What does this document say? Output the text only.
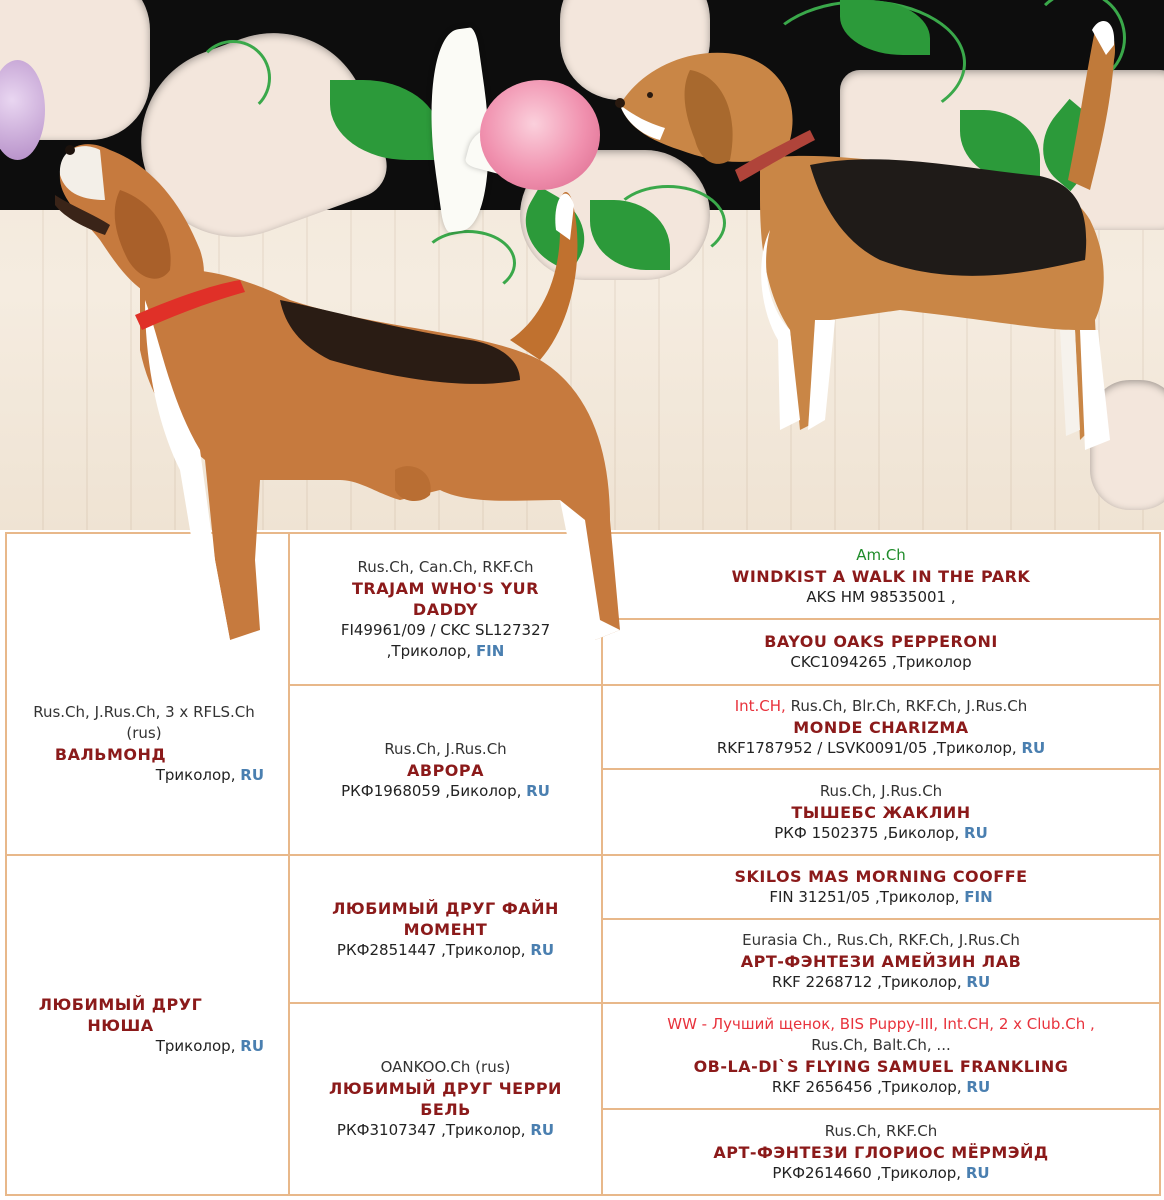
Rus.Ch, J.Rus.Ch, 3 x RFLS.Ch (rus)
ВАЛЬМОНД
Триколор, RU
ЛЮБИМЫЙ ДРУГ НЮША
Триколор, RU
Rus.Ch, Can.Ch, RKF.Ch
TRAJAM WHO'S YUR DADDY
FI49961/09 / CKC SL127327 ,Триколор, FIN
Rus.Ch, J.Rus.Ch
АВРОРА
РКФ1968059 ,Биколор, RU
ЛЮБИМЫЙ ДРУГ ФАЙН МОМЕНТ
РКФ2851447 ,Триколор, RU
OANKOO.Ch (rus)
ЛЮБИМЫЙ ДРУГ ЧЕРРИ БЕЛЬ
РКФ3107347 ,Триколор, RU
Am.Ch
WINDKIST A WALK IN THE PARK
AKS HM 98535001 ,
BAYOU OAKS PEPPERONI
CKC1094265 ,Триколор
Int.CH, Rus.Ch, Blr.Ch, RKF.Ch, J.Rus.Ch
MONDE CHARIZMA
RKF1787952 / LSVK0091/05 ,Триколор, RU
Rus.Ch, J.Rus.Ch
ТЫШЕБС ЖАКЛИН
РКФ 1502375 ,Биколор, RU
SKILOS MAS MORNING COOFFE
FIN 31251/05 ,Триколор, FIN
Eurasia Ch., Rus.Ch, RKF.Ch, J.Rus.Ch
АРТ-ФЭНТЕЗИ АМЕЙЗИН ЛАВ
RKF 2268712 ,Триколор, RU
WW - Лучший щенок, BIS Puppy-III, Int.CH, 2 x Club.Ch ,
Rus.Ch, Balt.Ch, ...
OB-LA-DI`S FLYING SAMUEL FRANKLING
RKF 2656456 ,Триколор, RU
Rus.Ch, RKF.Ch
АРТ-ФЭНТЕЗИ ГЛОРИОС МЁРМЭЙД
РКФ2614660 ,Триколор, RU
